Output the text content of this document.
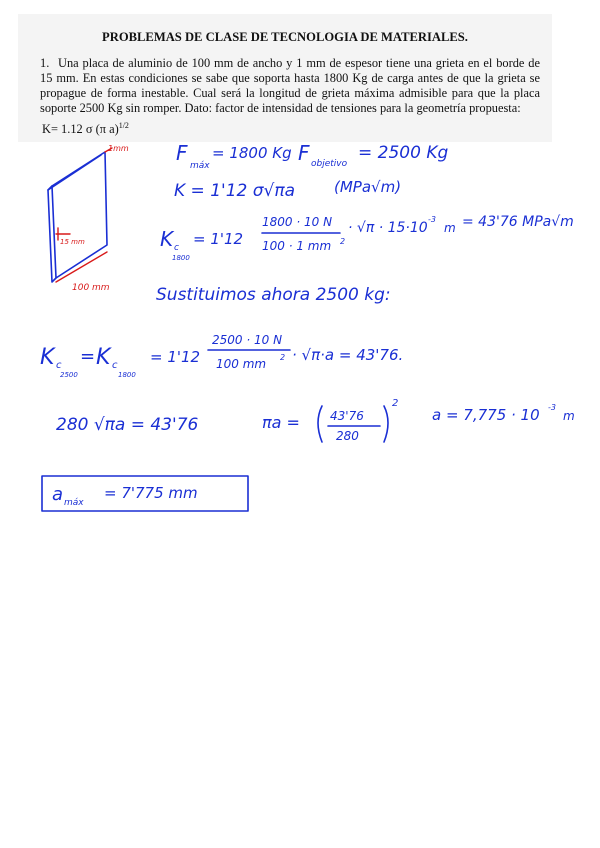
PROBLEMAS DE CLASE DE TECNOLOGIA DE MATERIALES.
1. Una placa de aluminio de 100 mm de ancho y 1 mm de espesor tiene una grieta en el borde de 15 mm. En estas condiciones se sabe que soporta hasta 1800 Kg de carga antes de que la grieta se propague de forma inestable. Cual será la longitud de grieta máxima admisible para que la placa soporte 2500 Kg sin romper. Dato: factor de intensidad de tensiones para la geometría propuesta:
K= 1.12 σ (π a)$^{1/2}$
1mm
15 mm
100 mm
F
máx
= 1800 Kg F objetivo
= 2500 Kg
K = 1'12 σ√πa	(MPa√m)
K c
1800
= 1'12
1800 · 10 N
100 · 1 mm 2
· √π · 15·10
-3
m = 43'76 MPa√m
Sustituimos ahora 2500 kg:
K c
2500
= K c
1800
= 1'12
2500 · 10 N
100 mm 2 · √π·a = 43'76.
280 √πa = 43'76	πa =	43'76
280
2
a = 7,775 · 10 -3
m
a máx
= 7'775 mm
